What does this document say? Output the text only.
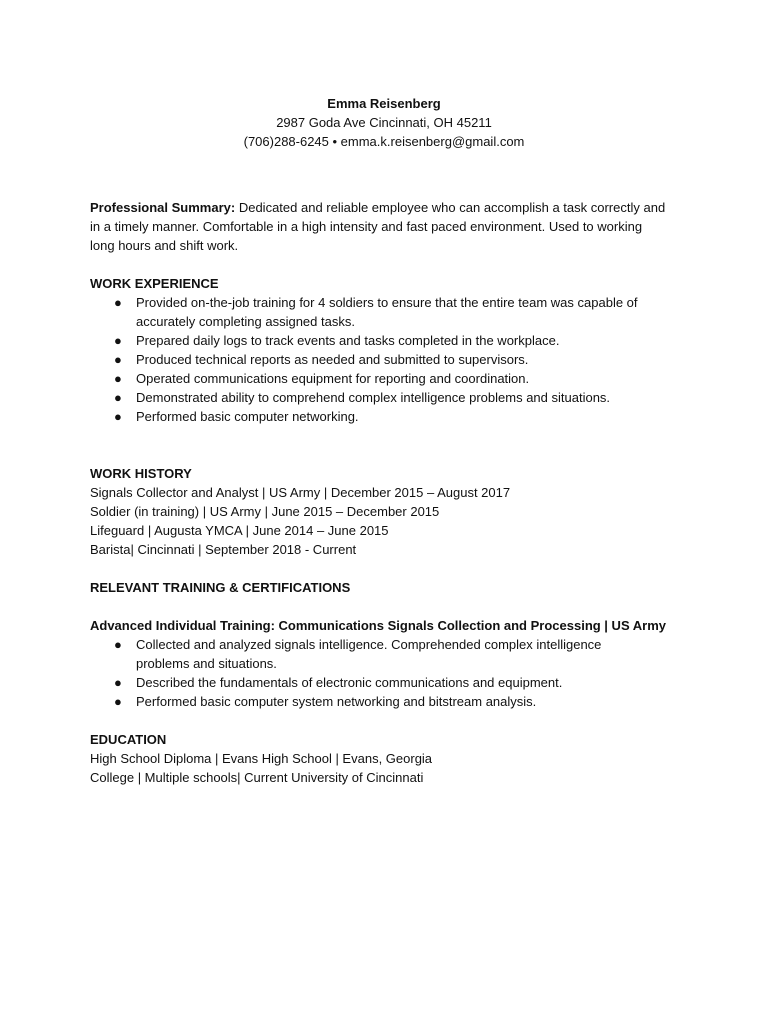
Emma Reisenberg
2987 Goda Ave Cincinnati, OH 45211
(706)288-6245 • emma.k.reisenberg@gmail.com
Professional Summary: Dedicated and reliable employee who can accomplish a task correctly and in a timely manner. Comfortable in a high intensity and fast paced environment. Used to working long hours and shift work.
WORK EXPERIENCE
● Provided on-the-job training for 4 soldiers to ensure that the entire team was capable of accurately completing assigned tasks.
● Prepared daily logs to track events and tasks completed in the workplace.
● Produced technical reports as needed and submitted to supervisors.
● Operated communications equipment for reporting and coordination.
● Demonstrated ability to comprehend complex intelligence problems and situations.
● Performed basic computer networking.
WORK HISTORY
Signals Collector and Analyst | US Army | December 2015 – August 2017
Soldier (in training) | US Army | June 2015 – December 2015
Lifeguard | Augusta YMCA | June 2014 – June 2015
Barista| Cincinnati | September 2018 - Current
RELEVANT TRAINING & CERTIFICATIONS
Advanced Individual Training: Communications Signals Collection and Processing | US Army
● Collected and analyzed signals intelligence. Comprehended complex intelligence problems and situations.
● Described the fundamentals of electronic communications and equipment.
● Performed basic computer system networking and bitstream analysis.
EDUCATION
High School Diploma | Evans High School | Evans, Georgia
College | Multiple schools| Current University of Cincinnati
